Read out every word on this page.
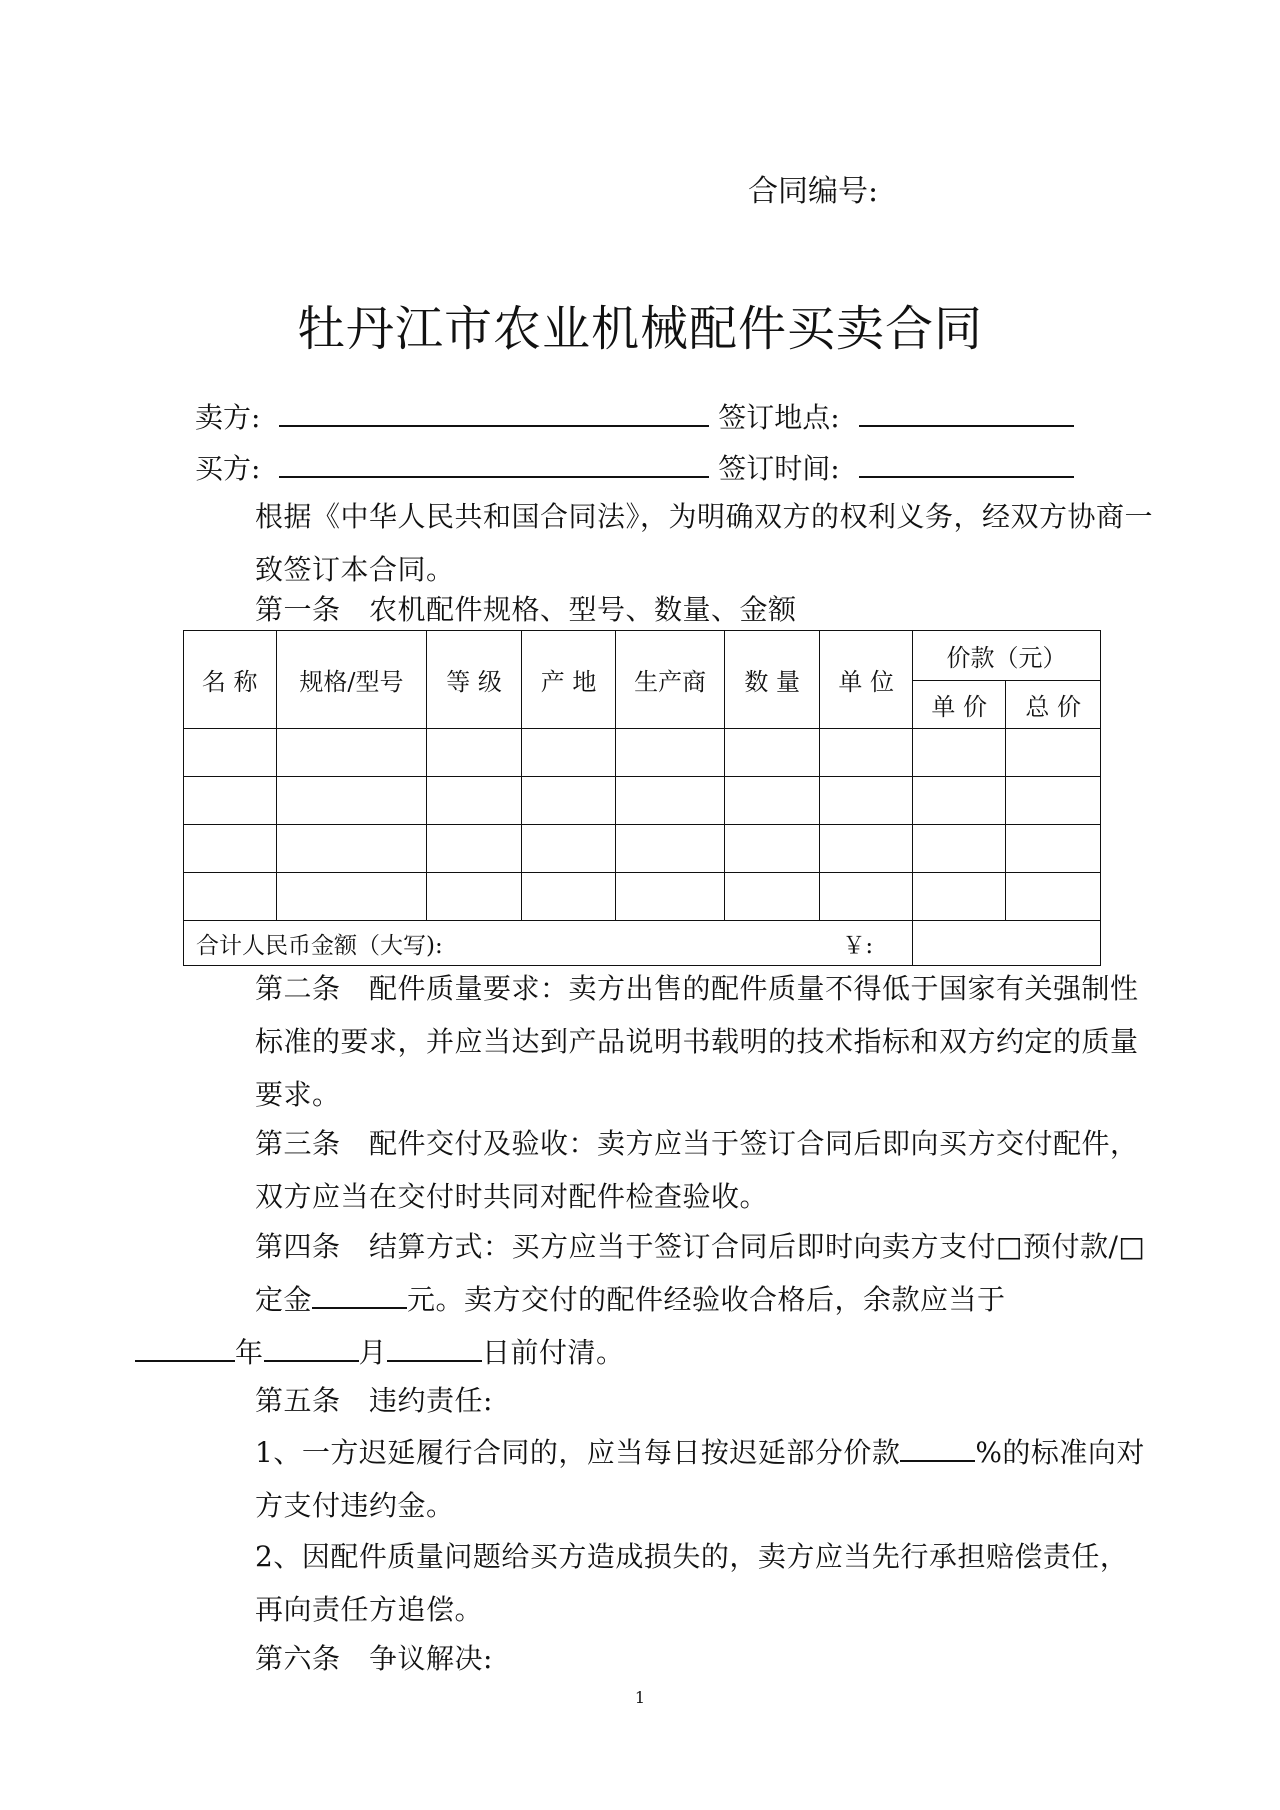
合同编号:
牡丹江市农业机械配件买卖合同
卖方:	签订地点:
买方:	签订时间:
根据《中华人民共和国合同法》，为明确双方的权利义务，经双方协商一致签订本合同。
第一条　农机配件规格、型号、数量、金额
名 称	规格/型号	等 级	产 地	生产商	数 量	单 位	价款（元）	
							单 价	总 价

合计人民币金额（大写): ￥:								
第二条　配件质量要求：卖方出售的配件质量不得低于国家有关强制性标准的要求，并应当达到产品说明书载明的技术指标和双方约定的质量要求。
第三条　配件交付及验收：卖方应当于签订合同后即向买方交付配件，双方应当在交付时共同对配件检查验收。
第四条　结算方式：买方应当于签订合同后即时向卖方支付□预付款/□定金	元。卖方交付的配件经验收合格后，余款应当于
年	月	日前付清。
第五条　违约责任:
1、一方迟延履行合同的，应当每日按迟延部分价款	%的标准向对方支付违约金。
2、因配件质量问题给买方造成损失的，卖方应当先行承担赔偿责任，再向责任方追偿。
第六条　争议解决:
1
